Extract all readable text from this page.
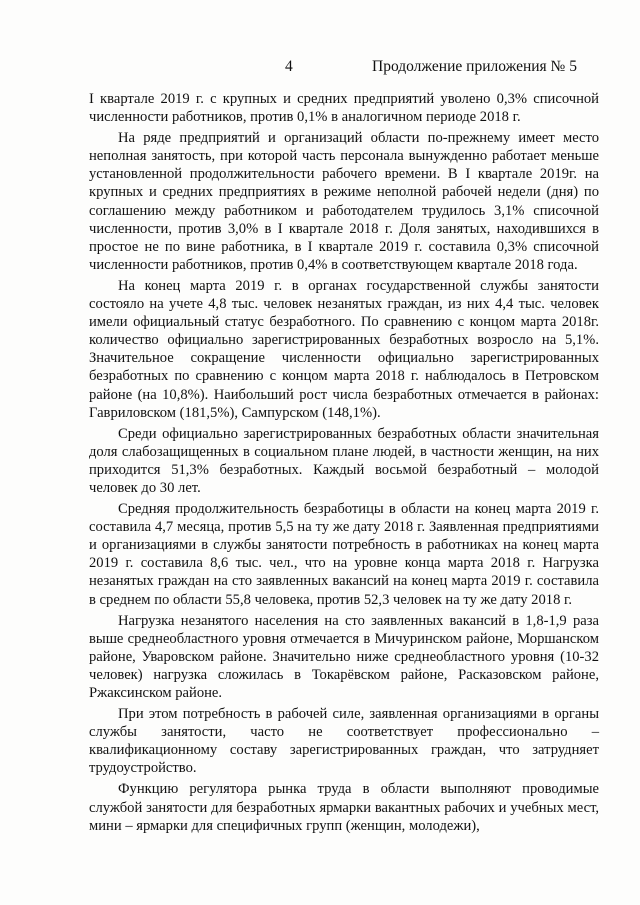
4	Продолжение приложения № 5

I квартале 2019 г. с крупных и средних предприятий уволено 0,3% списочной численности работников, против 0,1% в аналогичном периоде 2018 г.

На ряде предприятий и организаций области по-прежнему имеет место неполная занятость, при которой часть персонала вынужденно работает меньше установленной продолжительности рабочего времени. В I квартале 2019г. на крупных и средних предприятиях в режиме неполной рабочей недели (дня) по соглашению между работником и работодателем трудилось 3,1% списочной численности, против 3,0% в I квартале 2018 г. Доля занятых, находившихся в простое не по вине работника, в I квартале 2019 г. составила 0,3% списочной численности работников, против 0,4% в соответствующем квартале 2018 года.

На конец марта 2019 г. в органах государственной службы занятости состояло на учете 4,8 тыс. человек незанятых граждан, из них 4,4 тыс. человек имели официальный статус безработного. По сравнению с концом марта 2018г. количество официально зарегистрированных безработных возросло на 5,1%. Значительное сокращение численности официально зарегистрированных безработных по сравнению с концом марта 2018 г. наблюдалось в Петровском районе (на 10,8%). Наибольший рост числа безработных отмечается в районах: Гавриловском (181,5%), Сампурском (148,1%).

Среди официально зарегистрированных безработных области значительная доля слабозащищенных в социальном плане людей, в частности женщин, на них приходится 51,3% безработных. Каждый восьмой безработный – молодой человек до 30 лет.

Средняя продолжительность безработицы в области на конец марта 2019 г. составила 4,7 месяца, против 5,5 на ту же дату 2018 г. Заявленная предприятиями и организациями в службы занятости потребность в работниках на конец марта 2019 г. составила 8,6 тыс. чел., что на уровне конца марта 2018 г. Нагрузка незанятых граждан на сто заявленных вакансий на конец марта 2019 г. составила в среднем по области 55,8 человека, против 52,3 человек на ту же дату 2018 г.

Нагрузка незанятого населения на сто заявленных вакансий в 1,8-1,9 раза выше среднеобластного уровня отмечается в Мичуринском районе, Моршанском районе, Уваровском районе. Значительно ниже среднеобластного уровня (10-32 человек) нагрузка сложилась в Токарёвском районе, Расказовском районе, Ржаксинском районе.

При этом потребность в рабочей силе, заявленная организациями в органы службы занятости, часто не соответствует профессионально – квалификационному составу зарегистрированных граждан, что затрудняет трудоустройство.

Функцию регулятора рынка труда в области выполняют проводимые службой занятости для безработных ярмарки вакантных рабочих и учебных мест, мини – ярмарки для специфичных групп (женщин, молодежи),
